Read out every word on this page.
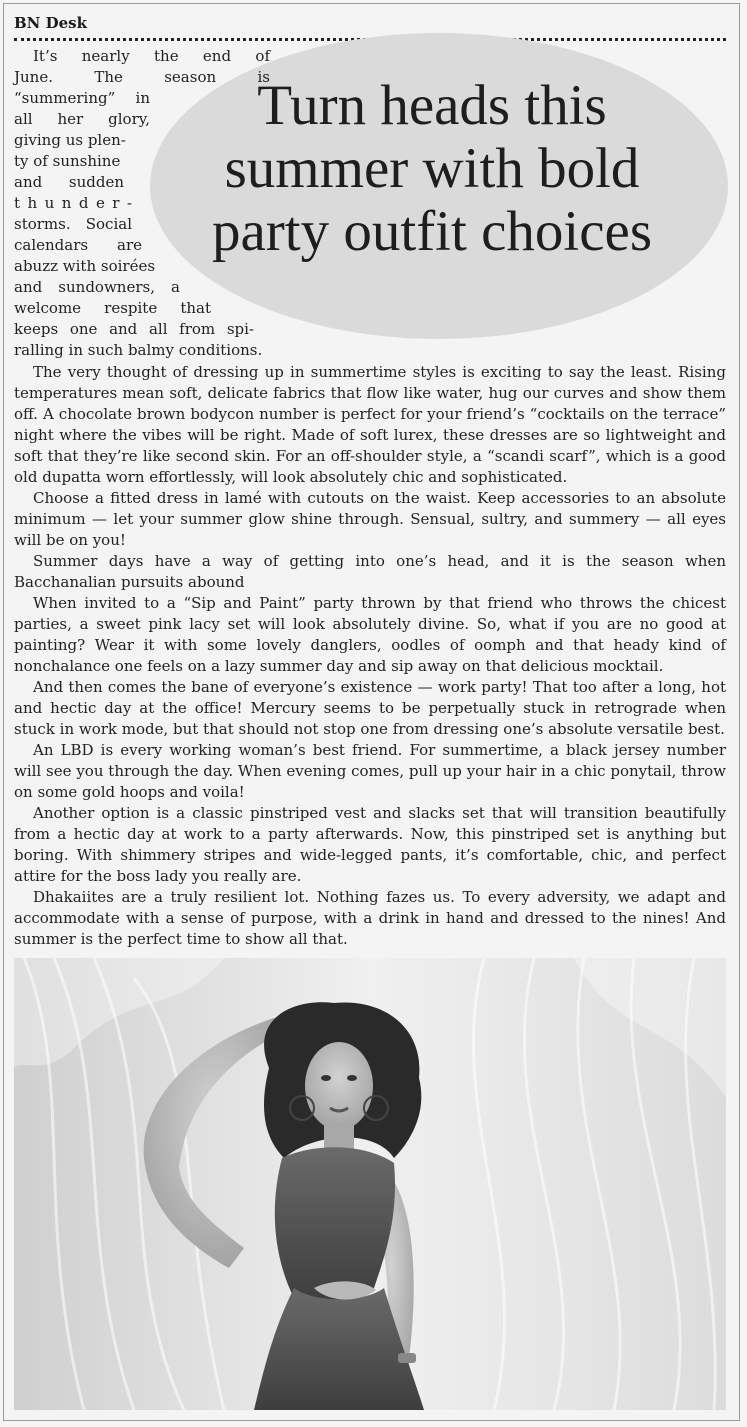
BN Desk
Turn heads this summer with bold party outfit choices
It’s nearly the end of
June. The season is
“summering” in
all her glory,
giving us plen-
ty of sunshine
and sudden
t h u n d e r -
storms. Social
calendars are
abuzz with soirées
and sundowners, a
welcome respite that
keeps one and all from spi-
ralling in such balmy conditions.

The very thought of dressing up in summertime styles is exciting to say the least. Rising temperatures mean soft, delicate fabrics that flow like water, hug our curves and show them off. A chocolate brown bodycon number is perfect for your friend’s “cocktails on the terrace” night where the vibes will be right. Made of soft lurex, these dresses are so lightweight and soft that they’re like second skin. For an off-shoulder style, a “scandi scarf”, which is a good old dupatta worn effortlessly, will look absolutely chic and sophisticated.

Choose a fitted dress in lamé with cutouts on the waist. Keep accessories to an absolute minimum — let your summer glow shine through. Sensual, sultry, and summery — all eyes will be on you!

Summer days have a way of getting into one’s head, and it is the season when Bacchanalian pursuits abound

When invited to a “Sip and Paint” party thrown by that friend who throws the chicest parties, a sweet pink lacy set will look absolutely divine. So, what if you are no good at painting? Wear it with some lovely danglers, oodles of oomph and that heady kind of nonchalance one feels on a lazy summer day and sip away on that delicious mocktail.

And then comes the bane of everyone’s existence — work party! That too after a long, hot and hectic day at the office! Mercury seems to be perpetually stuck in retrograde when stuck in work mode, but that should not stop one from dressing one’s absolute versatile best.

An LBD is every working woman’s best friend. For summertime, a black jersey number will see you through the day. When evening comes, pull up your hair in a chic ponytail, throw on some gold hoops and voila!

Another option is a classic pinstriped vest and slacks set that will transition beautifully from a hectic day at work to a party afterwards. Now, this pinstriped set is anything but boring. With shimmery stripes and wide-legged pants, it’s comfortable, chic, and perfect attire for the boss lady you really are.

Dhakaiites are a truly resilient lot. Nothing fazes us. To every adversity, we adapt and accommodate with a sense of purpose, with a drink in hand and dressed to the nines! And summer is the perfect time to show all that.
